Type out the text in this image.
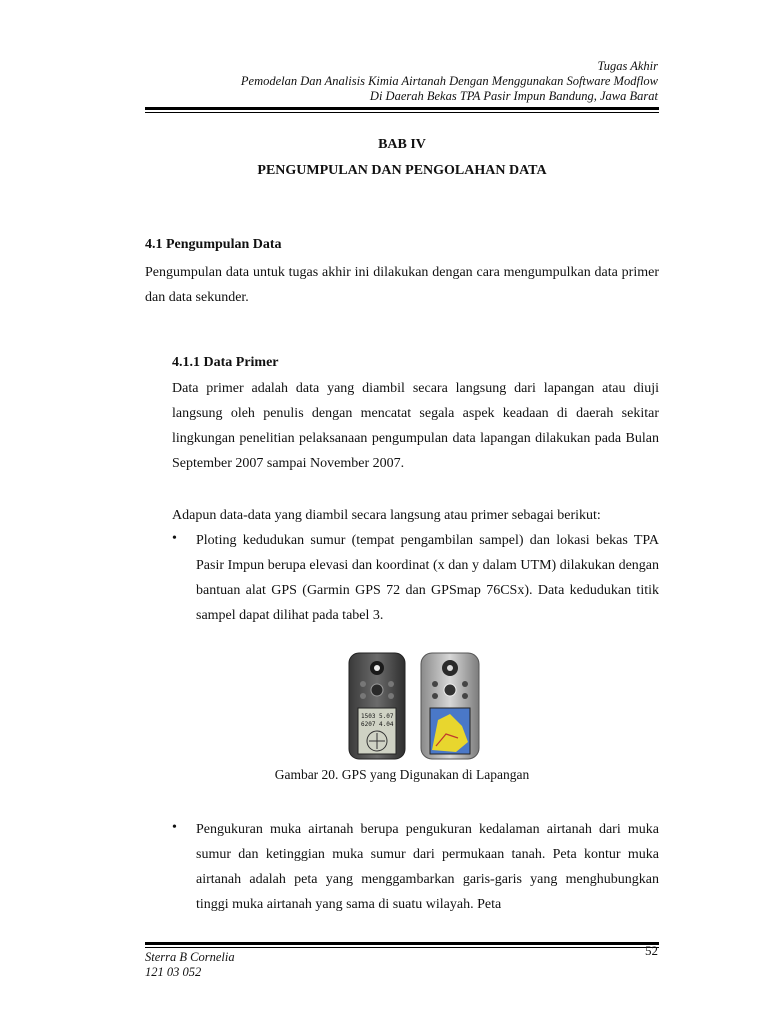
Tugas Akhir
Pemodelan Dan Analisis Kimia Airtanah Dengan Menggunakan Software Modflow
Di Daerah Bekas TPA Pasir Impun Bandung, Jawa Barat
BAB IV
PENGUMPULAN DAN PENGOLAHAN DATA
4.1 Pengumpulan Data
Pengumpulan data untuk tugas akhir ini dilakukan dengan cara mengumpulkan data primer dan data sekunder.
4.1.1 Data Primer
Data primer adalah data yang diambil secara langsung dari lapangan atau diuji langsung oleh penulis dengan mencatat segala aspek keadaan di daerah sekitar lingkungan penelitian pelaksanaan pengumpulan data lapangan dilakukan pada Bulan September 2007 sampai November 2007.
Adapun data-data yang diambil secara langsung atau primer sebagai berikut:
• Ploting kedudukan sumur (tempat pengambilan sampel) dan lokasi bekas TPA Pasir Impun berupa elevasi dan koordinat (x dan y dalam UTM) dilakukan dengan bantuan alat GPS (Garmin GPS 72 dan GPSmap 76CSx). Data kedudukan titik sampel dapat dilihat pada tabel 3.
1503 5.07
6207 4.04
Gambar 20. GPS yang Digunakan di Lapangan
• Pengukuran muka airtanah berupa pengukuran kedalaman airtanah dari muka sumur dan ketinggian muka sumur dari permukaan tanah. Peta kontur muka airtanah adalah peta yang menggambarkan garis-garis yang menghubungkan tinggi muka airtanah yang sama di suatu wilayah. Peta
Sterra B Cornelia
121 03 052
52
